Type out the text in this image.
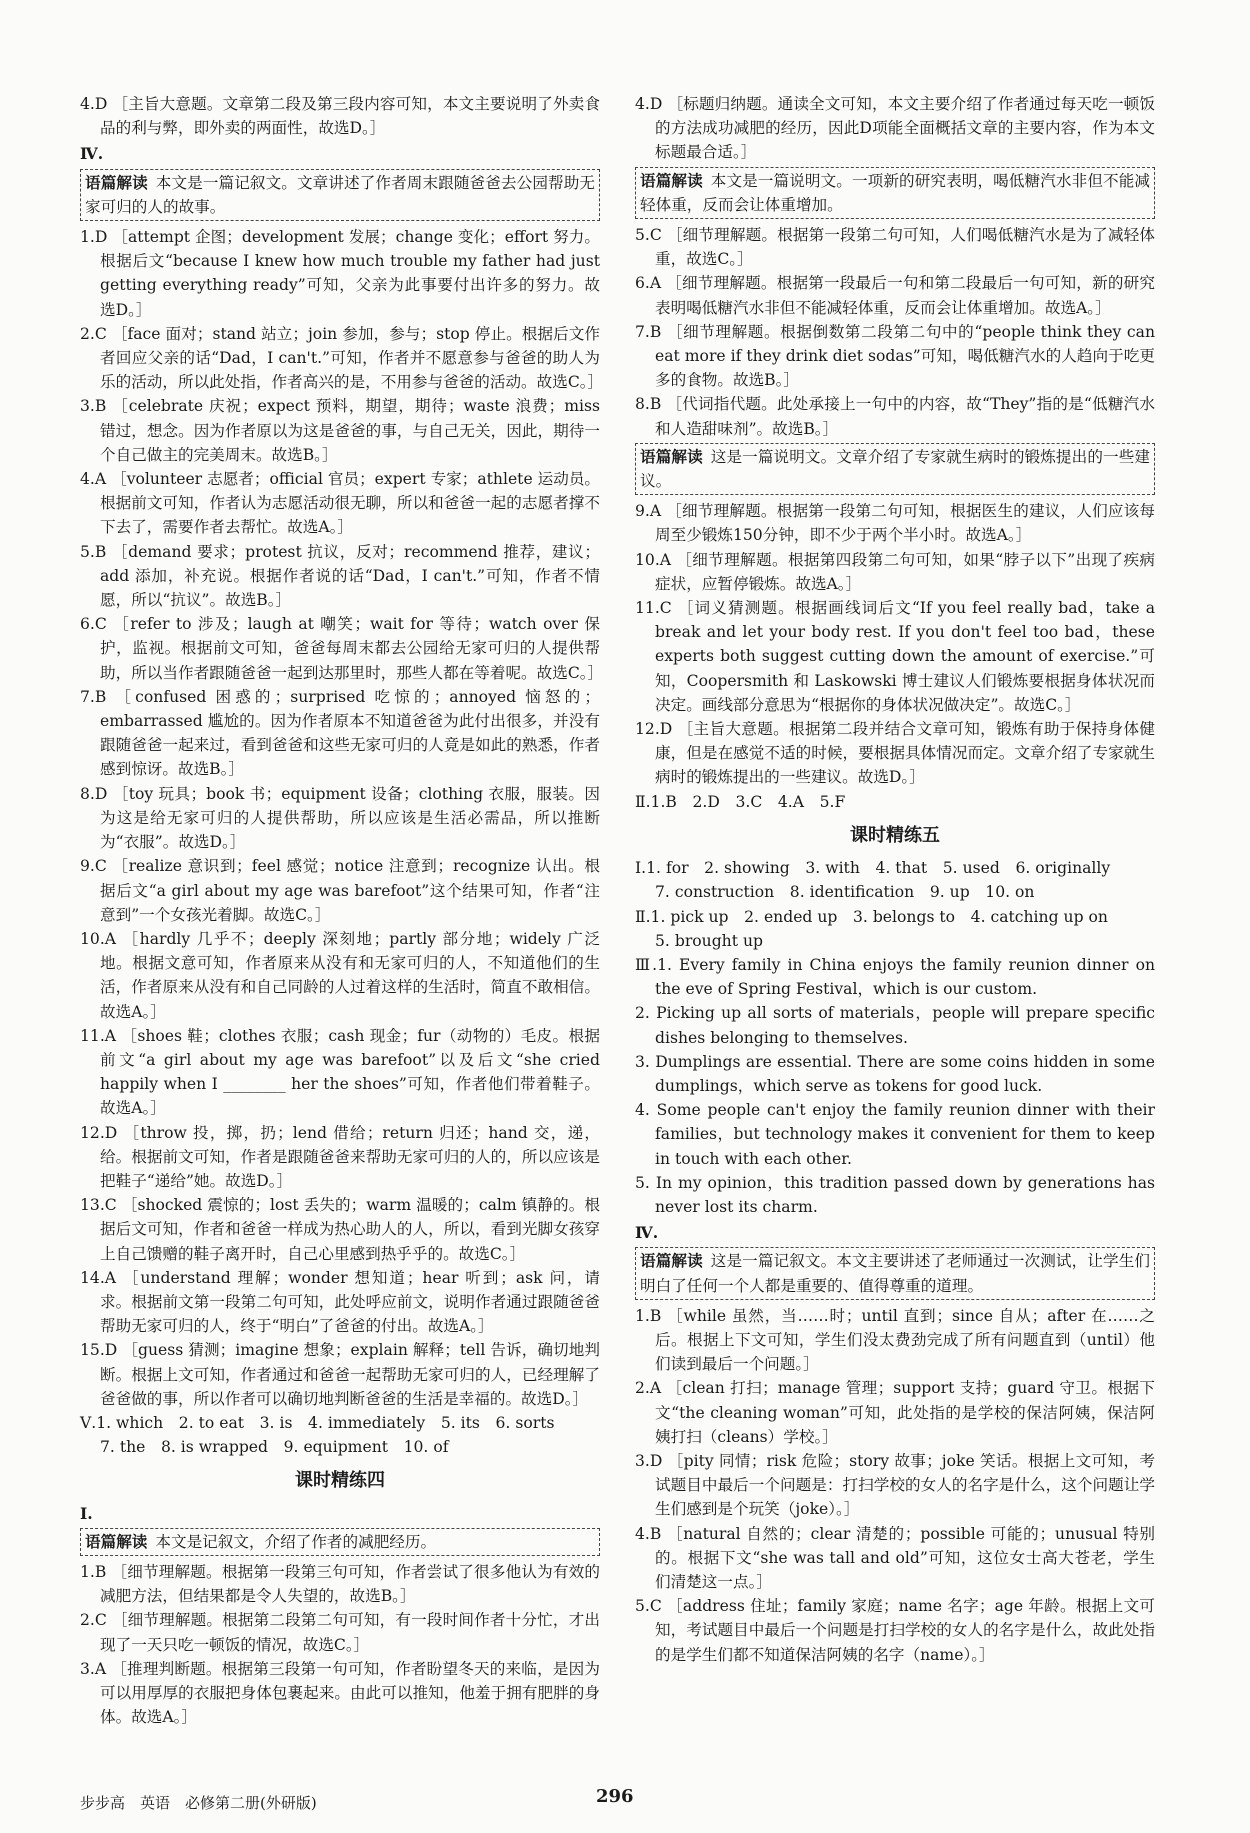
4.D ［主旨大意题。文章第二段及第三段内容可知，本文主要说明了外卖食品的利与弊，即外卖的两面性，故选D。］

Ⅳ.

语篇解读 本文是一篇记叙文。文章讲述了作者周末跟随爸爸去公园帮助无家可归的人的故事。

1.D ［attempt 企图；development 发展；change 变化；effort 努力。根据后文“because I knew how much trouble my father had just getting everything ready”可知，父亲为此事要付出许多的努力。故选D。］

2.C ［face 面对；stand 站立；join 参加，参与；stop 停止。根据后文作者回应父亲的话“Dad，I can't.”可知，作者并不愿意参与爸爸的助人为乐的活动，所以此处指，作者高兴的是，不用参与爸爸的活动。故选C。］

3.B ［celebrate 庆祝；expect 预料，期望，期待；waste 浪费；miss 错过，想念。因为作者原以为这是爸爸的事，与自己无关，因此，期待一个自己做主的完美周末。故选B。］

4.A ［volunteer 志愿者；official 官员；expert 专家；athlete 运动员。根据前文可知，作者认为志愿活动很无聊，所以和爸爸一起的志愿者撑不下去了，需要作者去帮忙。故选A。］

5.B ［demand 要求；protest 抗议，反对；recommend 推荐，建议；add 添加，补充说。根据作者说的话“Dad，I can't.”可知，作者不情愿，所以“抗议”。故选B。］

6.C ［refer to 涉及；laugh at 嘲笑；wait for 等待；watch over 保护，监视。根据前文可知，爸爸每周末都去公园给无家可归的人提供帮助，所以当作者跟随爸爸一起到达那里时，那些人都在等着呢。故选C。］

7.B ［confused 困惑的；surprised 吃惊的；annoyed 恼怒的；embarrassed 尴尬的。因为作者原本不知道爸爸为此付出很多，并没有跟随爸爸一起来过，看到爸爸和这些无家可归的人竟是如此的熟悉，作者感到惊讶。故选B。］

8.D ［toy 玩具；book 书；equipment 设备；clothing 衣服，服装。因为这是给无家可归的人提供帮助，所以应该是生活必需品，所以推断为“衣服”。故选D。］

9.C ［realize 意识到；feel 感觉；notice 注意到；recognize 认出。根据后文“a girl about my age was barefoot”这个结果可知，作者“注意到”一个女孩光着脚。故选C。］

10.A ［hardly 几乎不；deeply 深刻地；partly 部分地；widely 广泛地。根据文意可知，作者原来从没有和无家可归的人，不知道他们的生活，作者原来从没有和自己同龄的人过着这样的生活时，简直不敢相信。故选A。］

11.A ［shoes 鞋；clothes 衣服；cash 现金；fur（动物的）毛皮。根据前文“a girl about my age was barefoot”以及后文“she cried happily when I ________ her the shoes”可知，作者他们带着鞋子。故选A。］

12.D ［throw 投，掷，扔；lend 借给；return 归还；hand 交，递，给。根据前文可知，作者是跟随爸爸来帮助无家可归的人的，所以应该是把鞋子“递给”她。故选D。］

13.C ［shocked 震惊的；lost 丢失的；warm 温暖的；calm 镇静的。根据后文可知，作者和爸爸一样成为热心助人的人，所以，看到光脚女孩穿上自己馈赠的鞋子离开时，自己心里感到热乎乎的。故选C。］

14.A ［understand 理解；wonder 想知道；hear 听到；ask 问，请求。根据前文第一段第二句可知，此处呼应前文，说明作者通过跟随爸爸帮助无家可归的人，终于“明白”了爸爸的付出。故选A。］

15.D ［guess 猜测；imagine 想象；explain 解释；tell 告诉，确切地判断。根据上文可知，作者通过和爸爸一起帮助无家可归的人，已经理解了爸爸做的事，所以作者可以确切地判断爸爸的生活是幸福的。故选D。］

Ⅴ.1. which　2. to eat　3. is　4. immediately　5. its　6. sorts

7. the　8. is wrapped　9. equipment　10. of

课时精练四

Ⅰ.

语篇解读 本文是记叙文，介绍了作者的减肥经历。

1.B ［细节理解题。根据第一段第三句可知，作者尝试了很多他认为有效的减肥方法，但结果都是令人失望的，故选B。］

2.C ［细节理解题。根据第二段第二句可知，有一段时间作者十分忙，才出现了一天只吃一顿饭的情况，故选C。］

3.A ［推理判断题。根据第三段第一句可知，作者盼望冬天的来临，是因为可以用厚厚的衣服把身体包裹起来。由此可以推知，他羞于拥有肥胖的身体。故选A。］

4.D ［标题归纳题。通读全文可知，本文主要介绍了作者通过每天吃一顿饭的方法成功减肥的经历，因此D项能全面概括文章的主要内容，作为本文标题最合适。］

语篇解读 本文是一篇说明文。一项新的研究表明，喝低糖汽水非但不能减轻体重，反而会让体重增加。

5.C ［细节理解题。根据第一段第二句可知，人们喝低糖汽水是为了减轻体重，故选C。］

6.A ［细节理解题。根据第一段最后一句和第二段最后一句可知，新的研究表明喝低糖汽水非但不能减轻体重，反而会让体重增加。故选A。］

7.B ［细节理解题。根据倒数第二段第二句中的“people think they can eat more if they drink diet sodas”可知，喝低糖汽水的人趋向于吃更多的食物。故选B。］

8.B ［代词指代题。此处承接上一句中的内容，故“They”指的是“低糖汽水和人造甜味剂”。故选B。］

语篇解读 这是一篇说明文。文章介绍了专家就生病时的锻炼提出的一些建议。

9.A ［细节理解题。根据第一段第二句可知，根据医生的建议，人们应该每周至少锻炼150分钟，即不少于两个半小时。故选A。］

10.A ［细节理解题。根据第四段第二句可知，如果“脖子以下”出现了疾病症状，应暂停锻炼。故选A。］

11.C ［词义猜测题。根据画线词后文“If you feel really bad，take a break and let your body rest. If you don't feel too bad，these experts both suggest cutting down the amount of exercise.”可知，Coopersmith 和 Laskowski 博士建议人们锻炼要根据身体状况而决定。画线部分意思为“根据你的身体状况做决定”。故选C。］

12.D ［主旨大意题。根据第二段并结合文章可知，锻炼有助于保持身体健康，但是在感觉不适的时候，要根据具体情况而定。文章介绍了专家就生病时的锻炼提出的一些建议。故选D。］

Ⅱ.1.B　2.D　3.C　4.A　5.F

课时精练五

Ⅰ.1. for　2. showing　3. with　4. that　5. used　6. originally

7. construction　8. identification　9. up　10. on

Ⅱ.1. pick up　2. ended up　3. belongs to　4. catching up on

5. brought up

Ⅲ.1. Every family in China enjoys the family reunion dinner on the eve of Spring Festival，which is our custom.

2. Picking up all sorts of materials，people will prepare specific dishes belonging to themselves.

3. Dumplings are essential. There are some coins hidden in some dumplings，which serve as tokens for good luck.

4. Some people can't enjoy the family reunion dinner with their families，but technology makes it convenient for them to keep in touch with each other.

5. In my opinion，this tradition passed down by generations has never lost its charm.

Ⅳ.

语篇解读 这是一篇记叙文。本文主要讲述了老师通过一次测试，让学生们明白了任何一个人都是重要的、值得尊重的道理。

1.B ［while 虽然，当……时；until 直到；since 自从；after 在……之后。根据上下文可知，学生们没太费劲完成了所有问题直到（until）他们读到最后一个问题。］

2.A ［clean 打扫；manage 管理；support 支持；guard 守卫。根据下文“the cleaning woman”可知，此处指的是学校的保洁阿姨，保洁阿姨打扫（cleans）学校。］

3.D ［pity 同情；risk 危险；story 故事；joke 笑话。根据上文可知，考试题目中最后一个问题是：打扫学校的女人的名字是什么，这个问题让学生们感到是个玩笑（joke）。］

4.B ［natural 自然的；clear 清楚的；possible 可能的；unusual 特别的。根据下文“she was tall and old”可知，这位女士高大苍老，学生们清楚这一点。］

5.C ［address 住址；family 家庭；name 名字；age 年龄。根据上文可知，考试题目中最后一个问题是打扫学校的女人的名字是什么，故此处指的是学生们都不知道保洁阿姨的名字（name）。］

步步高　英语　必修第二册(外研版)	296
